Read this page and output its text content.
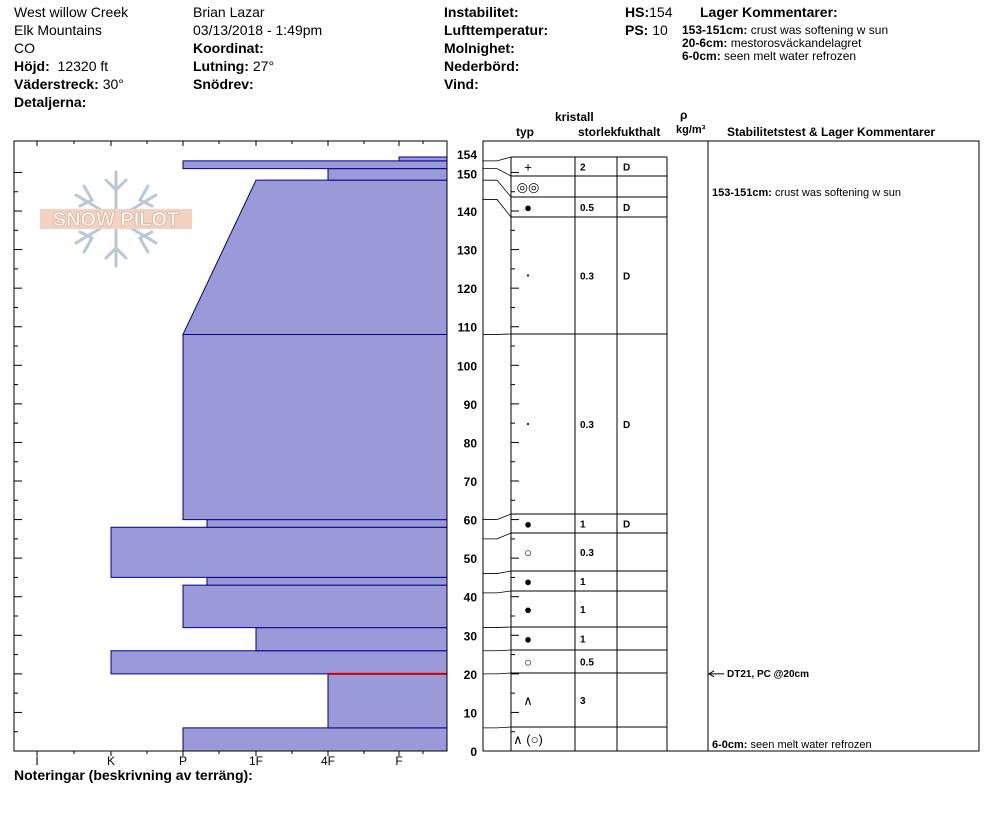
West willow Creek
Elk Mountains
CO
Höjd: 12320 ft
Väderstreck: 30°
Detaljerna:
Brian Lazar
03/13/2018 - 1:49pm
Koordinat:
Lutning: 27°
Snödrev:
Instabilitet:
Lufttemperatur:
Molnighet:
Nederbörd:
Vind:
HS:154
PS: 10
Lager Kommentarer:
153-151cm: crust was softening w sun
20-6cm: mestorosväckandelagret
6-0cm: seen melt water refrozen
kristall
typ	storlek fukthalt
ρ
kg/m³ Stabilitetstest & Lager Kommentarer
Noteringar (beskrivning av terräng):
SNOW PILOT
I	K	P	1F	4F	F
0
10
20
30
40
50
60
70
80
90
100
110
120
130
140
150
154
+	2	D
◎◎
●	0.5	D
·	0.3	D
·	0.3	D
●	1	D
○	0.3
●	1
●	1
●	1
○	0.5
∧	3
∧ (○)
153-151cm: crust was softening w sun
DT21, PC @20cm
6-0cm: seen melt water refrozen
